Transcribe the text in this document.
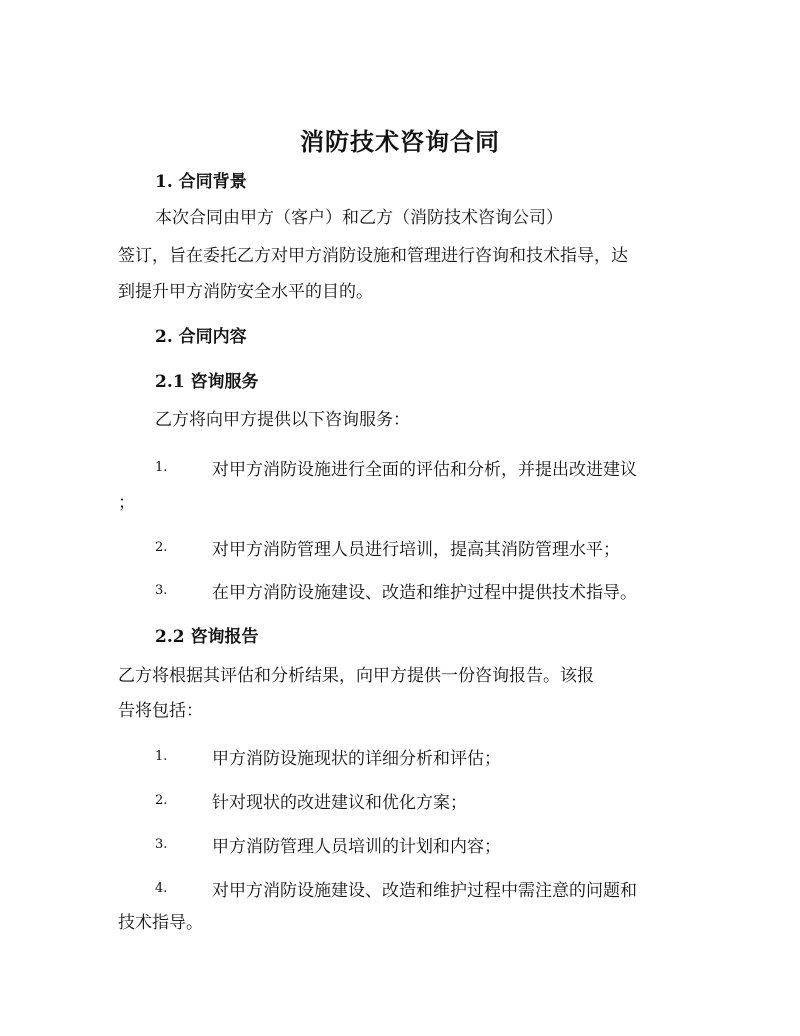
消防技术咨询合同
1. 合同背景
本次合同由甲方（客户）和乙方（消防技术咨询公司）
签订，旨在委托乙方对甲方消防设施和管理进行咨询和技术指导，达
到提升甲方消防安全水平的目的。
2. 合同内容
2.1 咨询服务
乙方将向甲方提供以下咨询服务：
1.	对甲方消防设施进行全面的评估和分析，并提出改进建议
；
2.	对甲方消防管理人员进行培训，提高其消防管理水平；
3.	在甲方消防设施建设、改造和维护过程中提供技术指导。
2.2 咨询报告
乙方将根据其评估和分析结果，向甲方提供一份咨询报告。该报
告将包括：
1.	甲方消防设施现状的详细分析和评估；
2.	针对现状的改进建议和优化方案；
3.	甲方消防管理人员培训的计划和内容；
4.	对甲方消防设施建设、改造和维护过程中需注意的问题和
技术指导。
